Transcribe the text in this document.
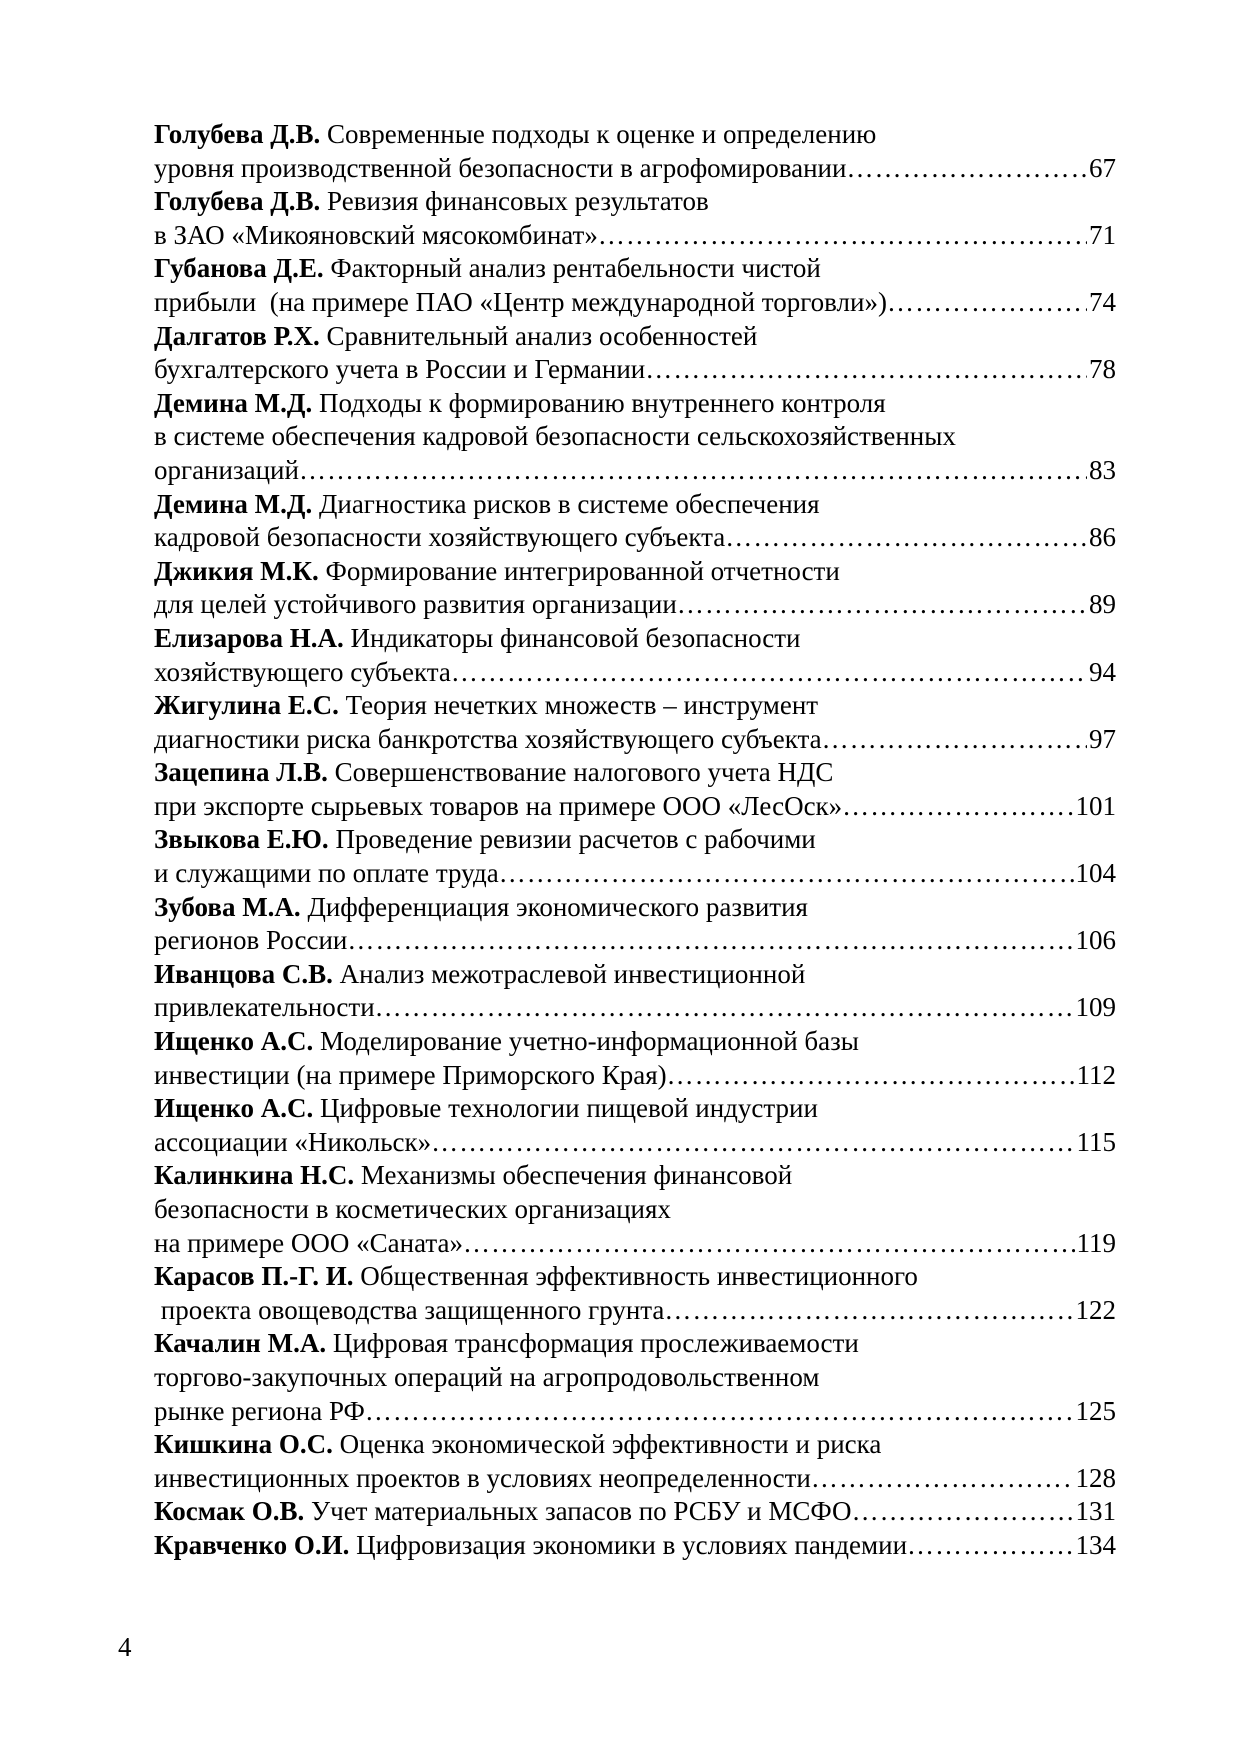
Голубева Д.В. Современные подходы к оценке и определению
уровня производственной безопасности в агрофомировании …………………………………………………………………………………………………………………………………………………	67
Голубева Д.В. Ревизия финансовых результатов
в ЗАО «Микояновский мясокомбинат» …………………………………………………………………………………………………………………………………………………	71
Губанова Д.Е. Факторный анализ рентабельности чистой
прибыли  (на примере ПАО «Центр международной торговли») …………………………………………………………………………………………………………………………………………………	74
Далгатов Р.Х. Сравнительный анализ особенностей
бухгалтерского учета в России и Германии …………………………………………………………………………………………………………………………………………………	78
Демина М.Д. Подходы к формированию внутреннего контроля
в системе обеспечения кадровой безопасности сельскохозяйственных
организаций …………………………………………………………………………………………………………………………………………………	83
Демина М.Д. Диагностика рисков в системе обеспечения
кадровой безопасности хозяйствующего субъекта …………………………………………………………………………………………………………………………………………………	86
Джикия М.К. Формирование интегрированной отчетности
для целей устойчивого развития организации …………………………………………………………………………………………………………………………………………………	89
Елизарова Н.А. Индикаторы финансовой безопасности
хозяйствующего субъекта …………………………………………………………………………………………………………………………………………………	94
Жигулина Е.С. Теория нечетких множеств – инструмент
диагностики риска банкротства хозяйствующего субъекта …………………………………………………………………………………………………………………………………………………	97
Зацепина Л.В. Совершенствование налогового учета НДС
при экспорте сырьевых товаров на примере ООО «ЛесОск» …………………………………………………………………………………………………………………………………………………	101
Звыкова Е.Ю. Проведение ревизии расчетов с рабочими
и служащими по оплате труда …………………………………………………………………………………………………………………………………………………	104
Зубова М.А. Дифференциация экономического развития
регионов России …………………………………………………………………………………………………………………………………………………	106
Иванцова С.В. Анализ межотраслевой инвестиционной
привлекательности …………………………………………………………………………………………………………………………………………………	109
Ищенко А.С. Моделирование учетно-информационной базы
инвестиции (на примере Приморского Края) …………………………………………………………………………………………………………………………………………………	112
Ищенко А.С. Цифровые технологии пищевой индустрии
ассоциации «Никольск» …………………………………………………………………………………………………………………………………………………	115
Калинкина Н.С. Механизмы обеспечения финансовой
безопасности в косметических организациях
на примере ООО «Саната» …………………………………………………………………………………………………………………………………………………	119
Карасов П.-Г. И. Общественная эффективность инвестиционного
проекта овощеводства защищенного грунта …………………………………………………………………………………………………………………………………………………	122
Качалин М.А. Цифровая трансформация прослеживаемости
торгово-закупочных операций на агропродовольственном
рынке региона РФ …………………………………………………………………………………………………………………………………………………	125
Кишкина О.С. Оценка экономической эффективности и риска
инвестиционных проектов в условиях неопределенности …………………………………………………………………………………………………………………………………………………	128
Космак О.В. Учет материальных запасов по РСБУ и МСФО …………………………………………………………………………………………………………………………………………………	131
Кравченко О.И. Цифровизация экономики в условиях пандемии …………………………………………………………………………………………………………………………………………………	134
4
